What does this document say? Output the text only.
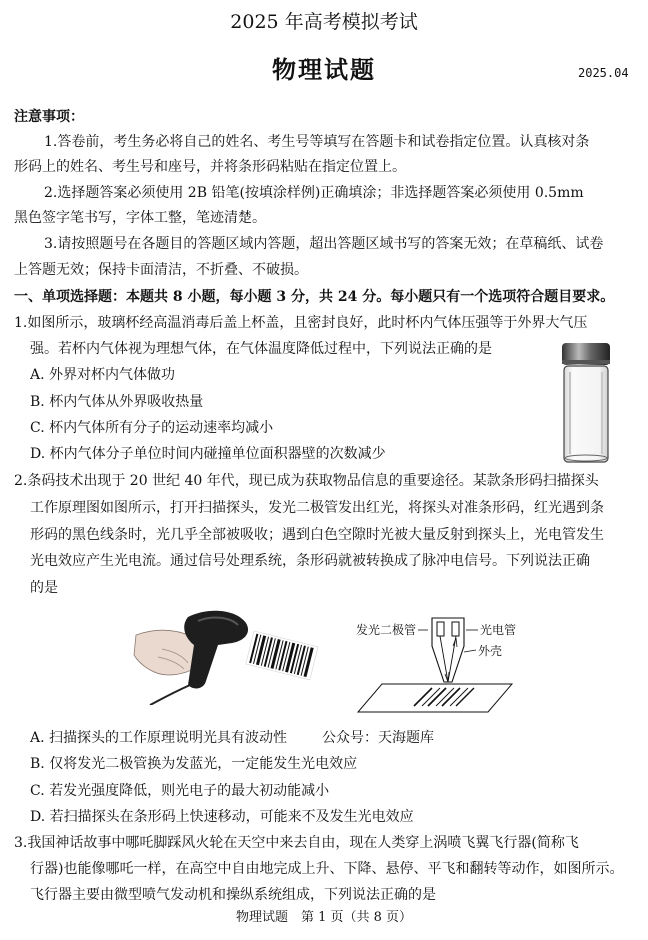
2025 年高考模拟考试
物理试题	2025.04
注意事项：
1.答卷前，考生务必将自己的姓名、考生号等填写在答题卡和试卷指定位置。认真核对条
形码上的姓名、考生号和座号，并将条形码粘贴在指定位置上。
2.选择题答案必须使用 2B 铅笔(按填涂样例)正确填涂；非选择题答案必须使用 0.5mm
黑色签字笔书写，字体工整，笔迹清楚。
3.请按照题号在各题目的答题区域内答题，超出答题区域书写的答案无效；在草稿纸、试卷
上答题无效；保持卡面清洁，不折叠、不破损。
一、单项选择题：本题共 8 小题，每小题 3 分，共 24 分。每小题只有一个选项符合题目要求。
1.如图所示，玻璃杯经高温消毒后盖上杯盖，且密封良好，此时杯内气体压强等于外界大气压
强。若杯内气体视为理想气体，在气体温度降低过程中，下列说法正确的是
A. 外界对杯内气体做功
B. 杯内气体从外界吸收热量
C. 杯内气体所有分子的运动速率均减小
D. 杯内气体分子单位时间内碰撞单位面积器壁的次数减少
2.条码技术出现于 20 世纪 40 年代，现已成为获取物品信息的重要途径。某款条形码扫描探头
工作原理图如图所示，打开扫描探头，发光二极管发出红光，将探头对准条形码，红光遇到条
形码的黑色线条时，光几乎全部被吸收；遇到白色空隙时光被大量反射到探头上，光电管发生
光电效应产生光电流。通过信号处理系统，条形码就被转换成了脉冲电信号。下列说法正确
的是
发光二极管	光电管
外壳
A. 扫描探头的工作原理说明光具有波动性 公众号：天海题库
B. 仅将发光二极管换为发蓝光，一定能发生光电效应
C. 若发光强度降低，则光电子的最大初动能减小
D. 若扫描探头在条形码上快速移动，可能来不及发生光电效应
3.我国神话故事中哪吒脚踩风火轮在天空中来去自由，现在人类穿上涡喷飞翼飞行器(简称飞
行器)也能像哪吒一样，在高空中自由地完成上升、下降、悬停、平飞和翻转等动作，如图所示。
飞行器主要由微型喷气发动机和操纵系统组成，下列说法正确的是
物理试题　第 1 页（共 8 页）
